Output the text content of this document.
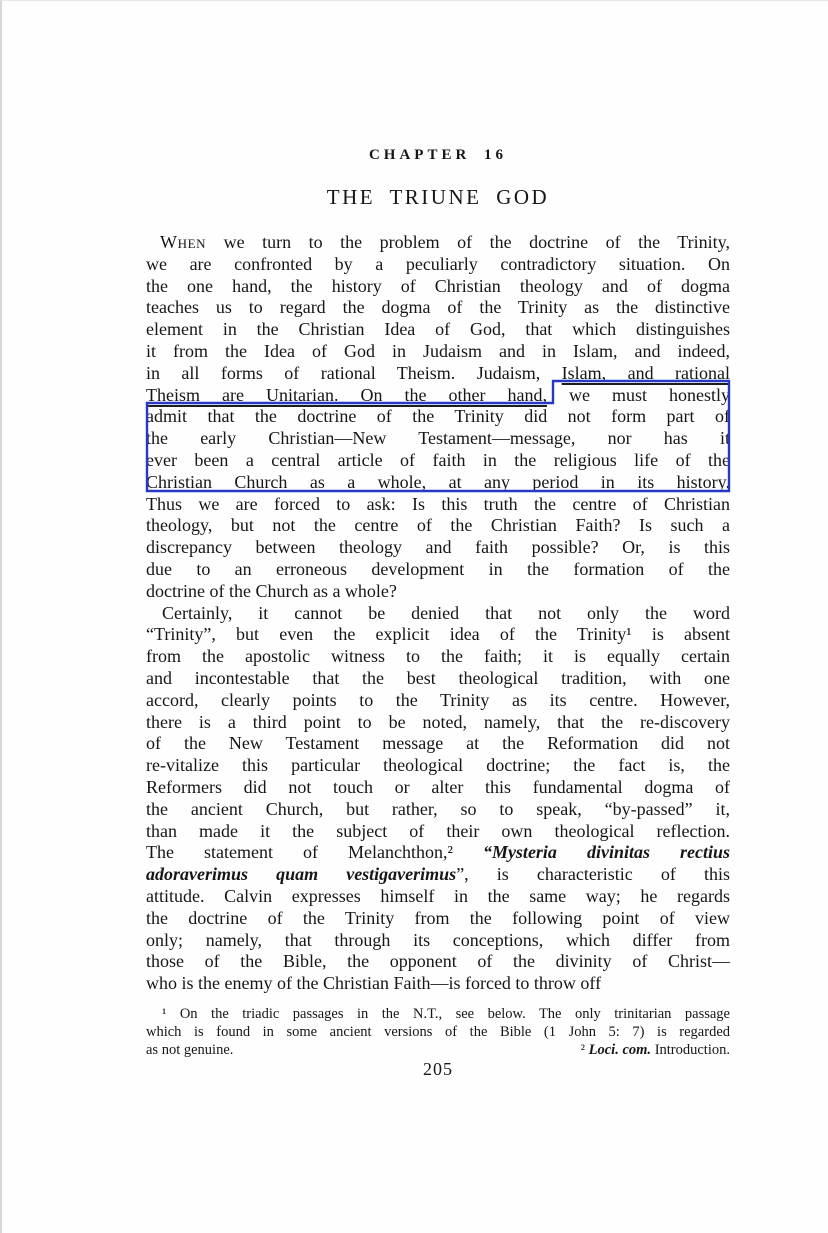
CHAPTER 16
THE TRIUNE GOD
When we turn to the problem of the doctrine of the Trinity,
we are confronted by a peculiarly contradictory situation. On
the one hand, the history of Christian theology and of dogma
teaches us to regard the dogma of the Trinity as the distinctive
element in the Christian Idea of God, that which distinguishes
it from the Idea of God in Judaism and in Islam, and indeed,
in all forms of rational Theism. Judaism, Islam, and rational
Theism are Unitarian. On the other hand, we must honestly
admit that the doctrine of the Trinity did not form part of
the early Christian—New Testament—message, nor has it
ever been a central article of faith in the religious life of the
Christian Church as a whole, at any period in its history.
Thus we are forced to ask: Is this truth the centre of Christian
theology, but not the centre of the Christian Faith? Is such a
discrepancy between theology and faith possible? Or, is this
due to an erroneous development in the formation of the
doctrine of the Church as a whole?
Certainly, it cannot be denied that not only the word
“Trinity”, but even the explicit idea of the Trinity¹ is absent
from the apostolic witness to the faith; it is equally certain
and incontestable that the best theological tradition, with one
accord, clearly points to the Trinity as its centre. However,
there is a third point to be noted, namely, that the re-discovery
of the New Testament message at the Reformation did not
re-vitalize this particular theological doctrine; the fact is, the
Reformers did not touch or alter this fundamental dogma of
the ancient Church, but rather, so to speak, “by-passed” it,
than made it the subject of their own theological reflection.
The statement of Melanchthon,² “Mysteria divinitas rectius
adoraverimus quam vestigaverimus”, is characteristic of this
attitude. Calvin expresses himself in the same way; he regards
the doctrine of the Trinity from the following point of view
only; namely, that through its conceptions, which differ from
those of the Bible, the opponent of the divinity of Christ—
who is the enemy of the Christian Faith—is forced to throw off
¹ On the triadic passages in the N.T., see below. The only trinitarian passage
which is found in some ancient versions of the Bible (1 John 5: 7) is regarded
as not genuine.	² Loci. com. Introduction.
205
